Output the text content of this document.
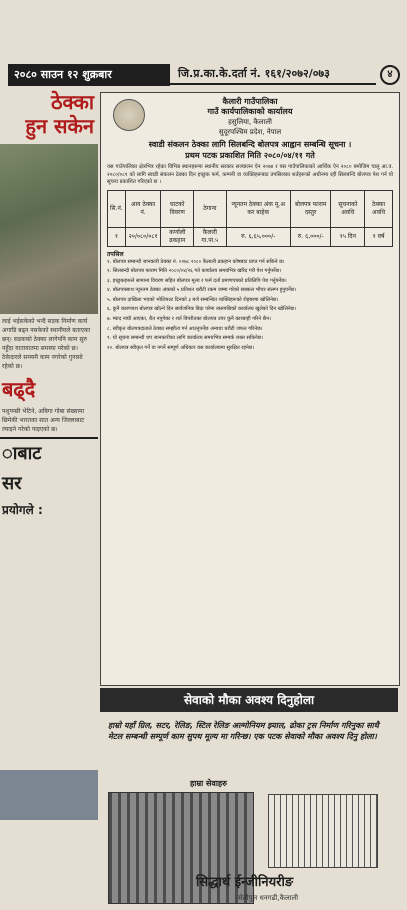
२०८० साउन १२ शुक्रबार	जि.प्र.का.के.दर्ता नं. १६१/२०७२/०७३	४
ठेक्का
हुन सकेन
लाई भईसकेको भन्दै सडक निर्माण कार्य अगाडि बढ्न नसकेको स्थानीयले बताएका छन्। सडकको ठेक्का लागेपनि काम सुरु नहुँदा यातायातमा समस्या परेको छ। ठेकेदारले समयमै काम नगरेको गुनासो रहेको छ।
बढ्दै
पशुपन्छी भेटिने, अबिगा गोबा संख्यामा छिमेकी भारतका सात अन्य जिल्लाबाट ल्याइने गरेको पाइएको छ।
ाबाट
सर
प्रयोगले :
कैलारी गाउँपालिका
गाउँ कार्यपालिकाको कार्यालय
हसुलिया, कैलाली
सुदूरपश्चिम प्रदेश, नेपाल
स्वाडी संकलन ठेक्का लागि सिलबन्दि बोलपत्र आह्वान सम्बन्धि सूचना ।
प्रथम पटक प्रकाशित मिति २०८०/०४/११ गते
यस गाउँपालिका क्षेत्रभित्र रहेका विभिन्न स्थानहरूमा स्थानीय सरकार सञ्चालन ऐन २०७४ र यस गाउँपालिकाको आर्थिक ऐन २०८० बमोजिम चालु आ.व. २०८०/०८१ को लागि स्वाडी संकलन ठेक्का दिन इच्छुक फर्म, कम्पनी वा व्यक्तिहरूबाट तपसिलका शर्तहरूको अधीनमा रही सिलबन्दि बोलपत्र पेश गर्न यो सूचना प्रकाशित गरिएको छ ।
सि.नं.	आय ठेक्का नं.	घाटको विवरण	ठेगाना	न्यूनतम ठेक्का अंक मू.अ कर बाहेक	बोलपत्र फाराम दस्तुर	सूचनाको अवधि	ठेक्का अवधि
१	२०/०८०/०८१	कर्णाली ढकहान	कैलारी गा.पा.५	रु. ६,६५,०००/-	रु. ६,०००/-	१५ दिन	१ वर्ष
तपसिल
१. बोलपत्र सम्बन्धी जानकारी ठेक्का नं. ०२७८ २०८० कैलाली ढकहान कोषबाट प्राप्त गर्न सकिने छ।
२. सिलबन्दी बोलपत्र फाराम मिति २०८०/०४/२६ गते कार्यालय समयभित्र खरिद गरी पेश गर्नुपर्नेछ।
३. इच्छुकहरूले सामान्य विवरण सहित बोलपत्र मूल्य र फर्म दर्ता प्रमाणपत्रको प्रतिलिपि पेश गर्नुपर्नेछ।
४. बोलपत्रसाथ न्यूनतम ठेक्का अंकको ५ प्रतिशत धरौटी रकम जम्मा गरेको सक्कल भौचर संलग्न हुनुपर्नेछ।
५. बोलपत्र दाखिला भएको भोलिपल्ट दिनको ३ बजे सम्बन्धित व्यक्तिहरूको रोहबरमा खोलिनेछ।
६. कुनै कारणवश बोलपत्र खोल्ने दिन सार्वजनिक बिदा परेमा त्यसपछिको कार्यालय खुलेको दिन खोलिनेछ।
७. म्याद नाघी आएका, रीत नपुगेका र शर्त विपरीतका बोलपत्र उपर कुनै कारबाही गरिने छैन।
८. स्वीकृत बोलपत्रदाताले ठेक्का सम्झौता गर्न आउनुपर्नेछ अन्यथा धरौटी जफत गरिनेछ।
९. यो सूचना सम्बन्धी थप जानकारीका लागि कार्यालय समयभित्र सम्पर्क राख्न सकिनेछ।
१०. बोलपत्र स्वीकृत गर्ने वा नगर्ने सम्पूर्ण अधिकार यस कार्यालयमा सुरक्षित रहनेछ।
सेवाको मौका अवश्य दिनुहोला
हाम्रो यहाँ ग्रिल, सटर, रेलिङ, स्टिल रेलिङ अल्मोनियम झ्याल, ढोका ट्रस निर्माण गरिनुका साथै मेटल सम्बन्धी सम्पूर्ण काम सुपथ मूल्य मा गरिन्छ। एक पटक सेवाको मौका अवश्य दिनु होला।
हाम्रा सेवाहरु
सिद्धार्थ ईन्जीनियरीङ
सेतीपुल धनगढी,कैलाली
